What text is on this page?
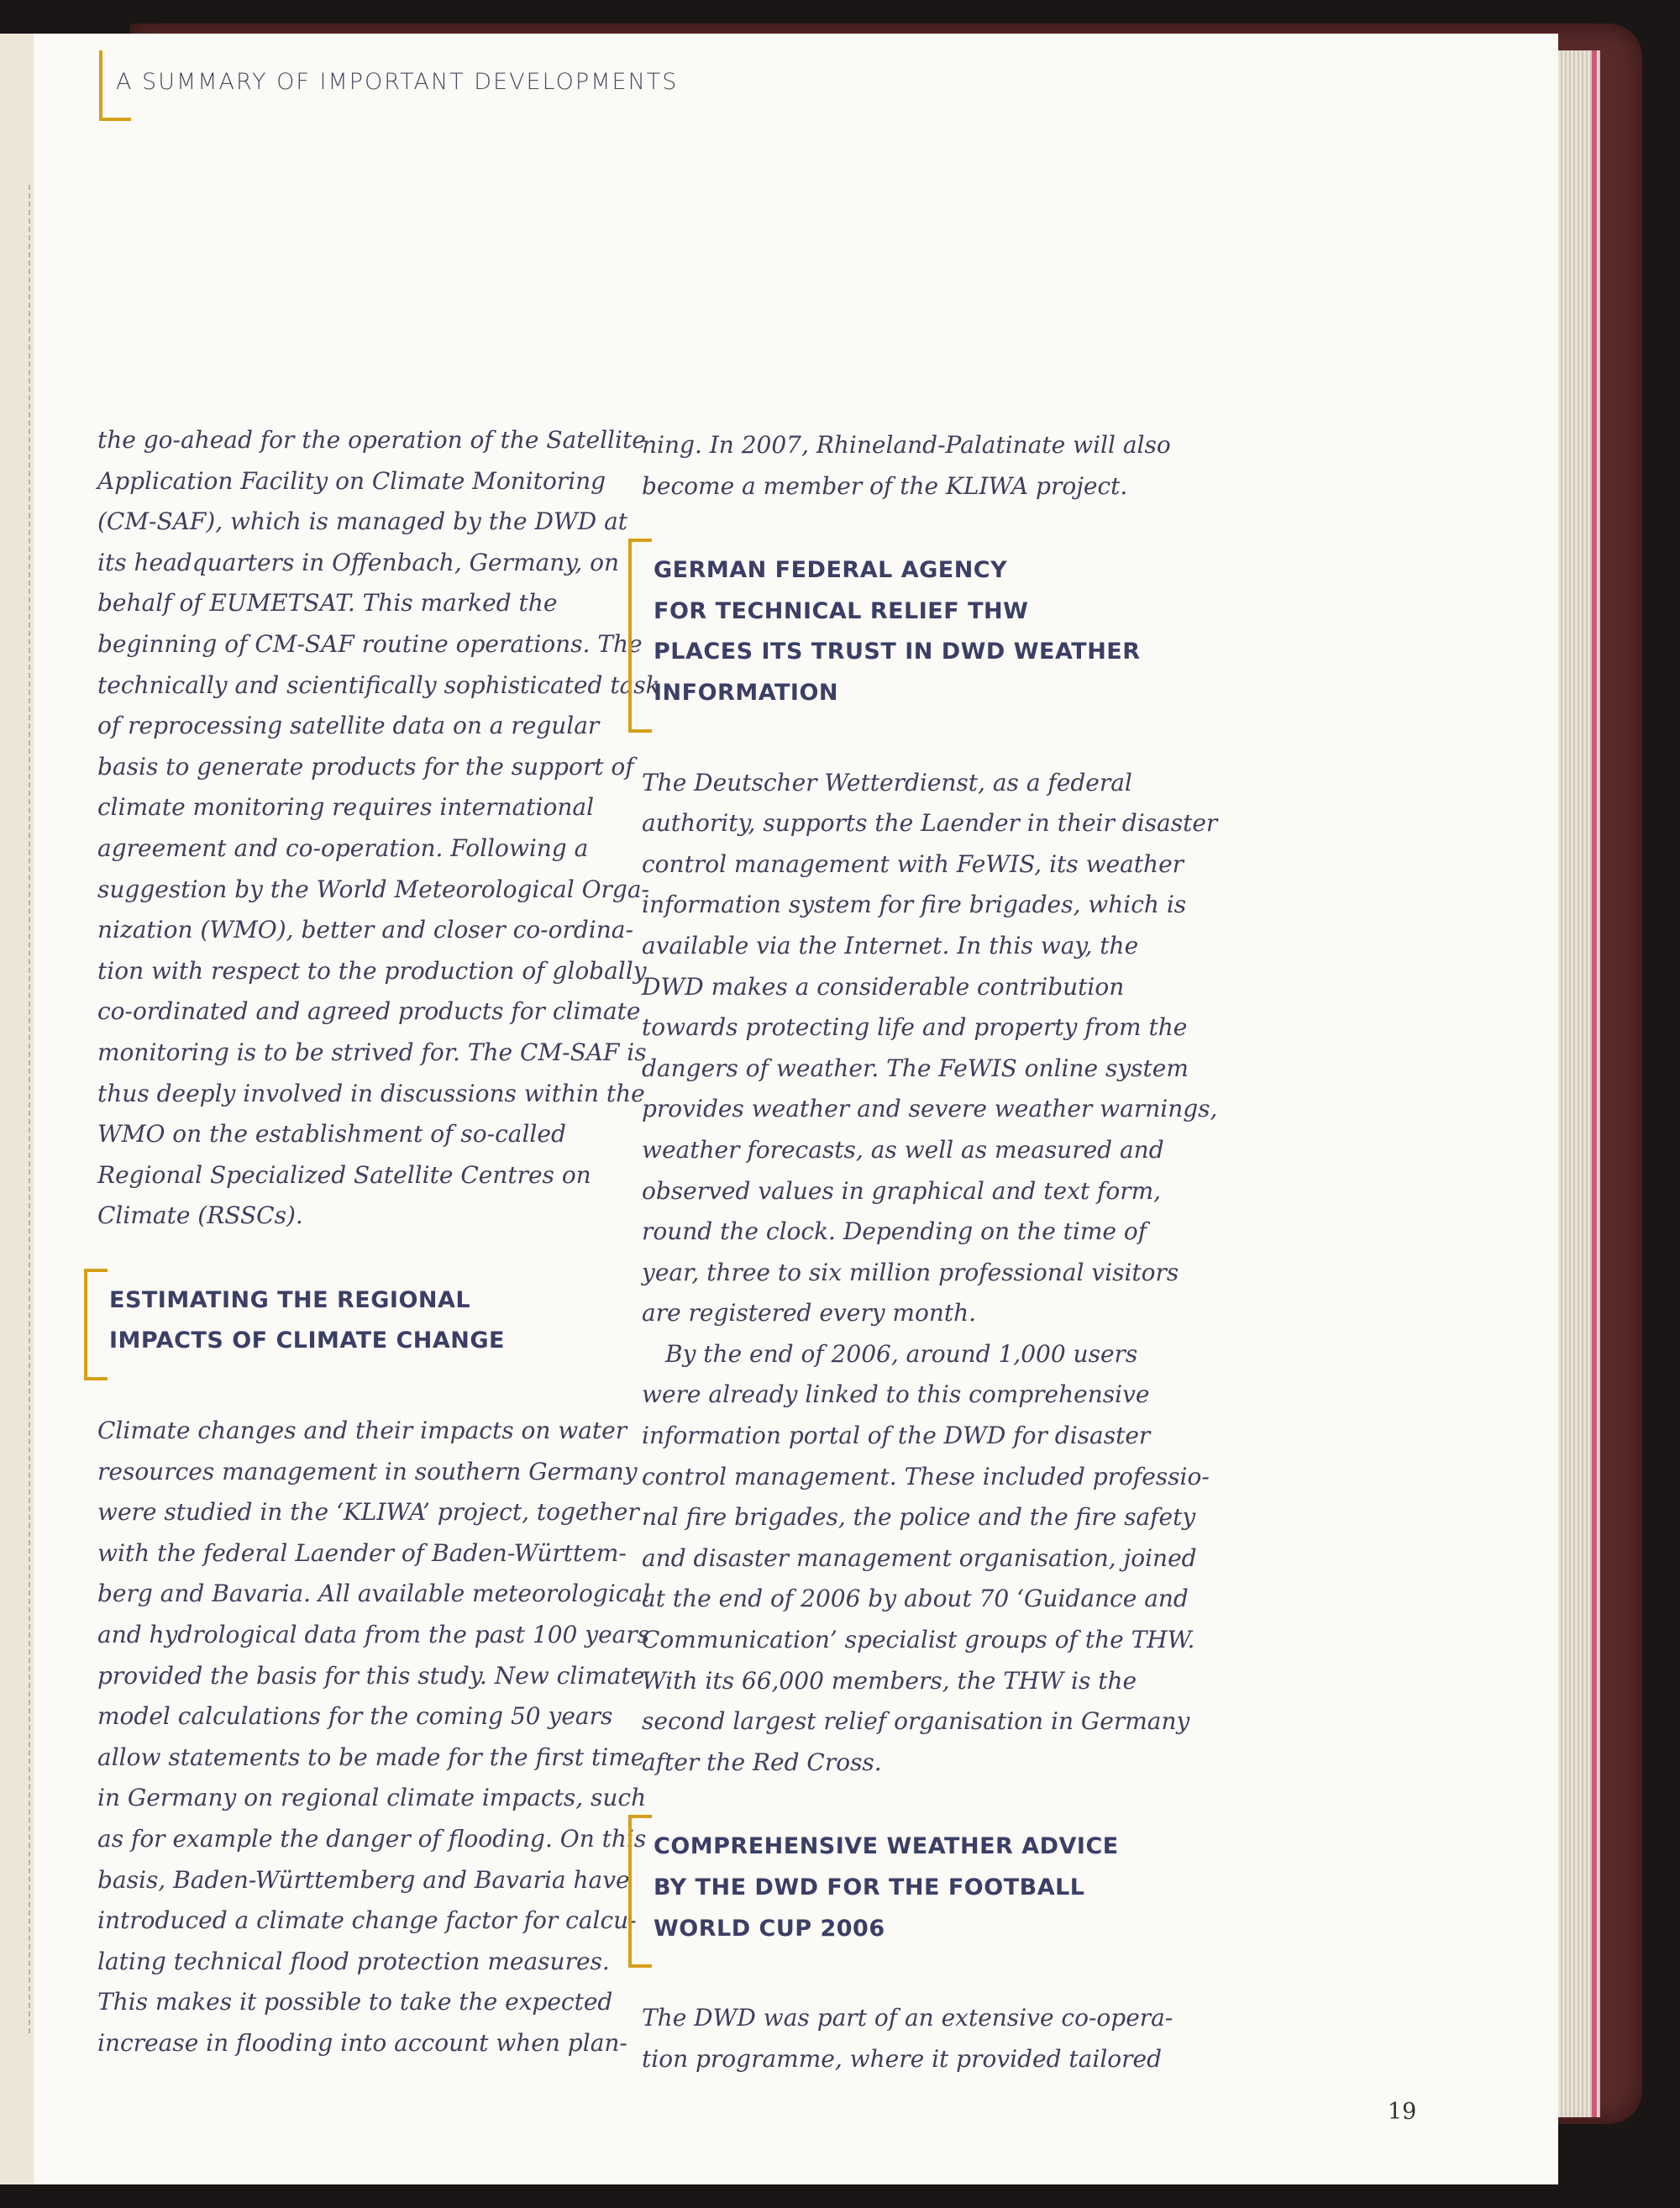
A SUMMARY OF IMPORTANT DEVELOPMENTS

the go-ahead for the operation of the Satellite
Application Facility on Climate Monitoring
(CM-SAF), which is managed by the DWD at
its headquarters in Offenbach, Germany, on
behalf of EUMETSAT. This marked the
beginning of CM-SAF routine operations. The
technically and scientifically sophisticated task
of reprocessing satellite data on a regular
basis to generate products for the support of
climate monitoring requires international
agreement and co-operation. Following a
suggestion by the World Meteorological Orga-
nization (WMO), better and closer co-ordina-
tion with respect to the production of globally
co-ordinated and agreed products for climate
monitoring is to be strived for. The CM-SAF is
thus deeply involved in discussions within the
WMO on the establishment of so-called
Regional Specialized Satellite Centres on
Climate (RSSCs).

ESTIMATING THE REGIONAL
IMPACTS OF CLIMATE CHANGE

Climate changes and their impacts on water
resources management in southern Germany
were studied in the ‘KLIWA’ project, together
with the federal Laender of Baden-Württem-
berg and Bavaria. All available meteorological
and hydrological data from the past 100 years
provided the basis for this study. New climate
model calculations for the coming 50 years
allow statements to be made for the first time
in Germany on regional climate impacts, such
as for example the danger of flooding. On this
basis, Baden-Württemberg and Bavaria have
introduced a climate change factor for calcu-
lating technical flood protection measures.
This makes it possible to take the expected
increase in flooding into account when plan-

ning. In 2007, Rhineland-Palatinate will also
become a member of the KLIWA project.

GERMAN FEDERAL AGENCY
FOR TECHNICAL RELIEF THW
PLACES ITS TRUST IN DWD WEATHER
INFORMATION

The Deutscher Wetterdienst, as a federal
authority, supports the Laender in their disaster
control management with FeWIS, its weather
information system for fire brigades, which is
available via the Internet. In this way, the
DWD makes a considerable contribution
towards protecting life and property from the
dangers of weather. The FeWIS online system
provides weather and severe weather warnings,
weather forecasts, as well as measured and
observed values in graphical and text form,
round the clock. Depending on the time of
year, three to six million professional visitors
are registered every month.

By the end of 2006, around 1,000 users
were already linked to this comprehensive
information portal of the DWD for disaster
control management. These included professio-
nal fire brigades, the police and the fire safety
and disaster management organisation, joined
at the end of 2006 by about 70 ‘Guidance and
Communication’ specialist groups of the THW.
With its 66,000 members, the THW is the
second largest relief organisation in Germany
after the Red Cross.

COMPREHENSIVE WEATHER ADVICE
BY THE DWD FOR THE FOOTBALL
WORLD CUP 2006

The DWD was part of an extensive co-opera-
tion programme, where it provided tailored

19
